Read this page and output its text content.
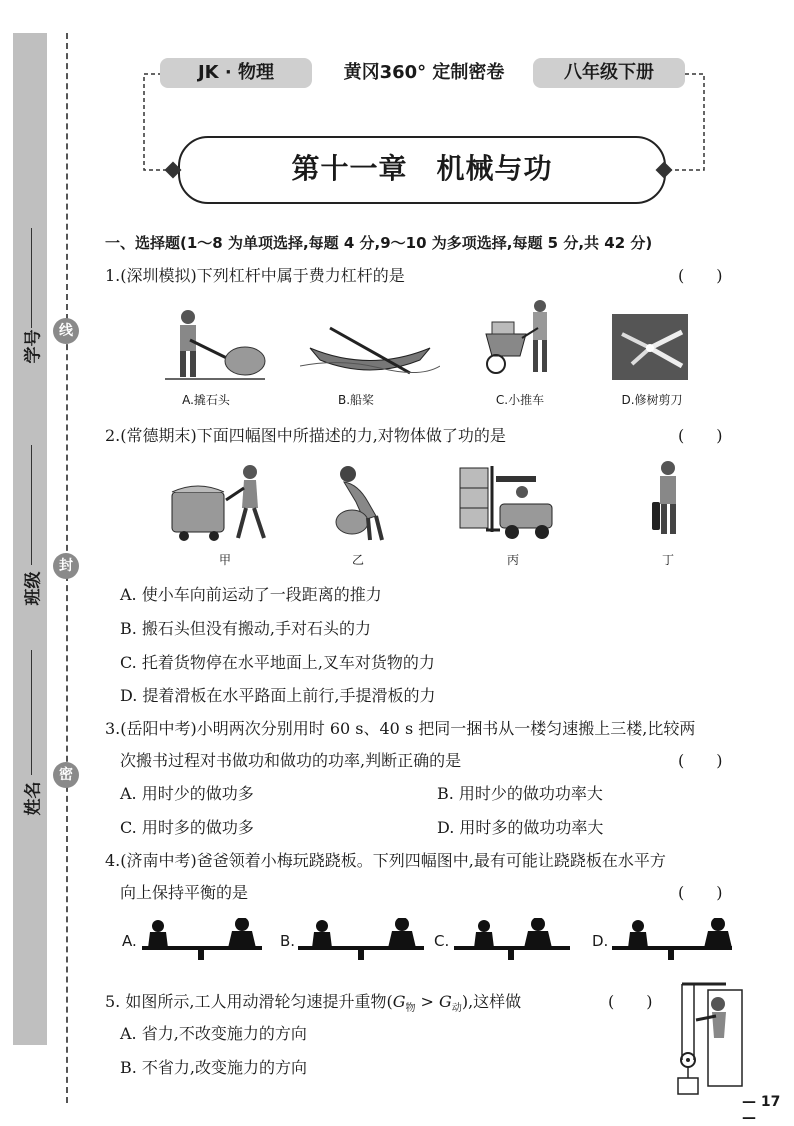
学号
班级
姓名
线
封
密
JK · 物理	黄冈360° 定制密卷	八年级下册
第十一章　机械与功
一、选择题(1～8 为单项选择,每题 4 分,9～10 为多项选择,每题 5 分,共 42 分)
1.(深圳模拟)下列杠杆中属于费力杠杆的是	(　　)
A.撬石头	B.船桨	C.小推车	D.修树剪刀
2.(常德期末)下面四幅图中所描述的力,对物体做了功的是	(　　)
甲	乙	丙	丁
A. 使小车向前运动了一段距离的推力
B. 搬石头但没有搬动,手对石头的力
C. 托着货物停在水平地面上,叉车对货物的力
D. 提着滑板在水平路面上前行,手提滑板的力
3.(岳阳中考)小明两次分别用时 60 s、40 s 把同一捆书从一楼匀速搬上三楼,比较两
次搬书过程对书做功和做功的功率,判断正确的是	(　　)
A. 用时少的做功多	B. 用时少的做功功率大
C. 用时多的做功多	D. 用时多的做功功率大
4.(济南中考)爸爸领着小梅玩跷跷板。下列四幅图中,最有可能让跷跷板在水平方
向上保持平衡的是	(　　)
A.	B.	C.	D.
5. 如图所示,工人用动滑轮匀速提升重物$(G_物 > G_动)$,这样做	(　　)
A. 省力,不改变施力的方向
B. 不省力,改变施力的方向
— 17 —
